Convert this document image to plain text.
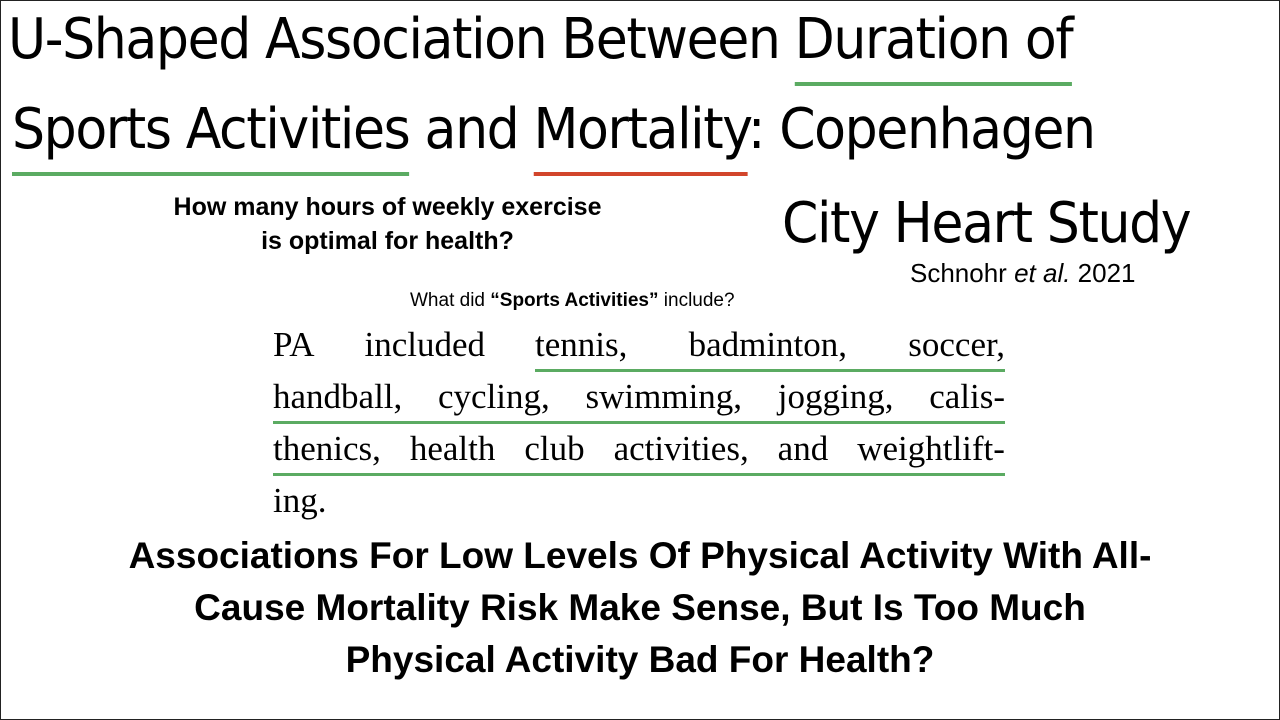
U-Shaped Association Between Duration of
Sports Activities and Mortality: Copenhagen
City Heart Study
How many hours of weekly exercise
is optimal for health?
Schnohr et al. 2021
What did “Sports Activities” include?
PA included tennis, badminton, soccer,
handball, cycling, swimming, jogging, calis-
thenics, health club activities, and weightlift-
ing.
Associations For Low Levels Of Physical Activity With All-
Cause Mortality Risk Make Sense, But Is Too Much
Physical Activity Bad For Health?
